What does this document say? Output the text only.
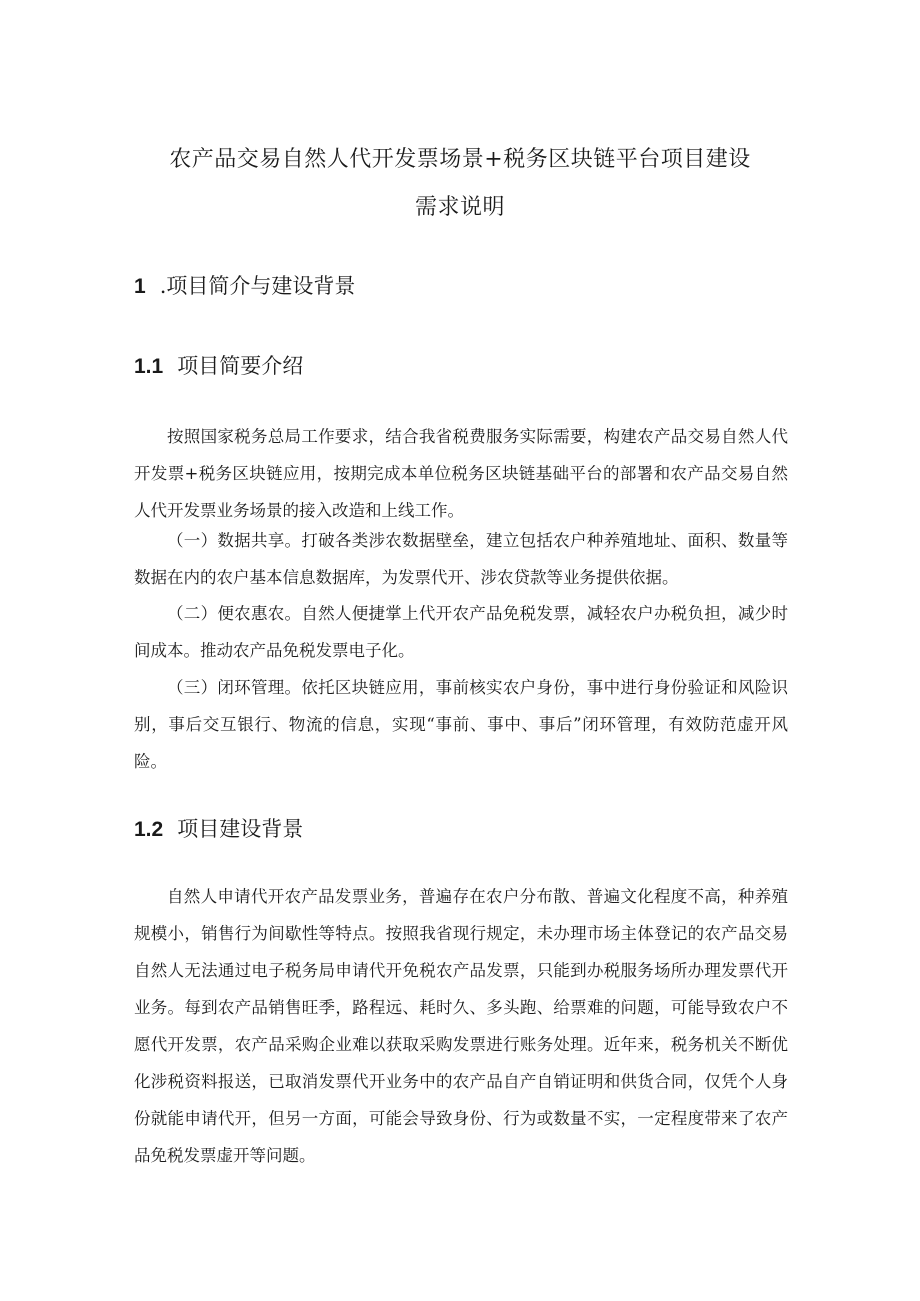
农产品交易自然人代开发票场景+税务区块链平台项目建设
需求说明
1 .项目简介与建设背景
1.1 项目简要介绍

按照国家税务总局工作要求，结合我省税费服务实际需要，构建农产品交易自然人代开发票+税务区块链应用，按期完成本单位税务区块链基础平台的部署和农产品交易自然人代开发票业务场景的接入改造和上线工作。

（一）数据共享。打破各类涉农数据壁垒，建立包括农户种养殖地址、面积、数量等数据在内的农户基本信息数据库，为发票代开、涉农贷款等业务提供依据。

（二）便农惠农。自然人便捷掌上代开农产品免税发票，减轻农户办税负担，减少时间成本。推动农产品免税发票电子化。

（三）闭环管理。依托区块链应用，事前核实农户身份，事中进行身份验证和风险识别，事后交互银行、物流的信息，实现“事前、事中、事后”闭环管理，有效防范虚开风险。

1.2 项目建设背景

自然人申请代开农产品发票业务，普遍存在农户分布散、普遍文化程度不高，种养殖规模小，销售行为间歇性等特点。按照我省现行规定，未办理市场主体登记的农产品交易自然人无法通过电子税务局申请代开免税农产品发票，只能到办税服务场所办理发票代开业务。每到农产品销售旺季，路程远、耗时久、多头跑、给票难的问题，可能导致农户不愿代开发票，农产品采购企业难以获取采购发票进行账务处理。近年来，税务机关不断优化涉税资料报送，已取消发票代开业务中的农产品自产自销证明和供货合同，仅凭个人身份就能申请代开，但另一方面，可能会导致身份、行为或数量不实，一定程度带来了农产品免税发票虚开等问题。
